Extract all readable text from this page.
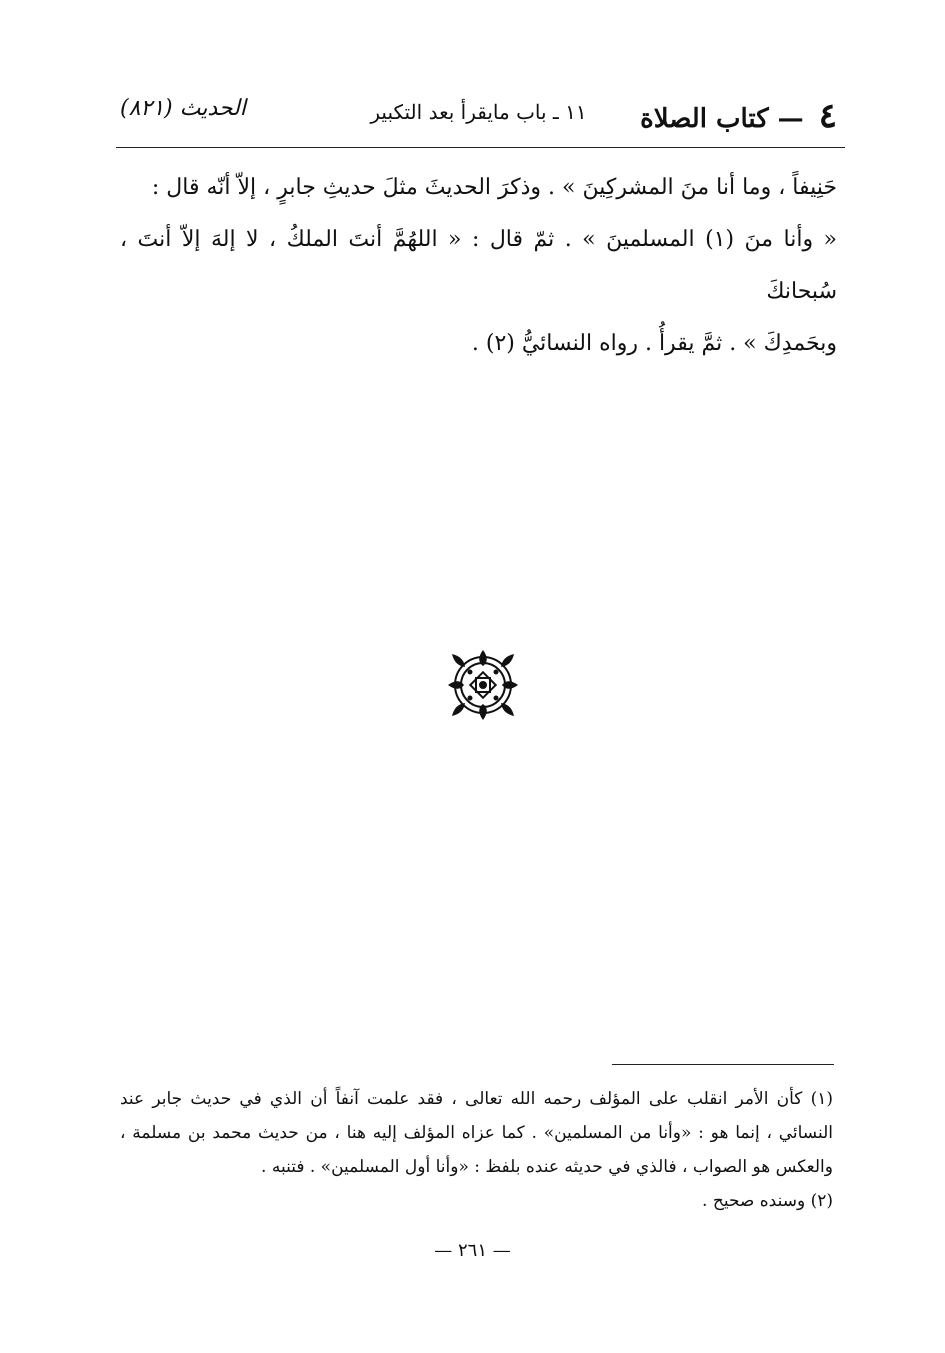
٤ — كتاب الصلاة
١١ ـ باب مايقرأ بعد التكبير
الحديث (٨٢١)

حَنِيفاً ، وما أنا منَ المشركِينَ » . وذكرَ الحديثَ مثلَ حديثِ جابرٍ ، إلاّ أنّه قال :
« وأنا منَ (١) المسلمينَ » . ثمّ قال : « اللهُمَّ أنتَ الملكُ ، لا إلهَ إلاّ أنتَ ، سُبحانكَ
وبحَمدِكَ » . ثمَّ يقرأُ . رواه النسائيُّ (٢) .

(١) كأن الأمر انقلب على المؤلف رحمه الله تعالى ، فقد علمت آنفاً أن الذي في حديث جابر عند النسائي ، إنما هو : «وأنا من المسلمين» . كما عزاه المؤلف إليه هنا ، من حديث محمد بن مسلمة ، والعكس هو الصواب ، فالذي في حديثه عنده بلفظ : «وأنا أول المسلمين» . فتنبه .

(٢) وسنده صحيح .

— ٢٦١ —
